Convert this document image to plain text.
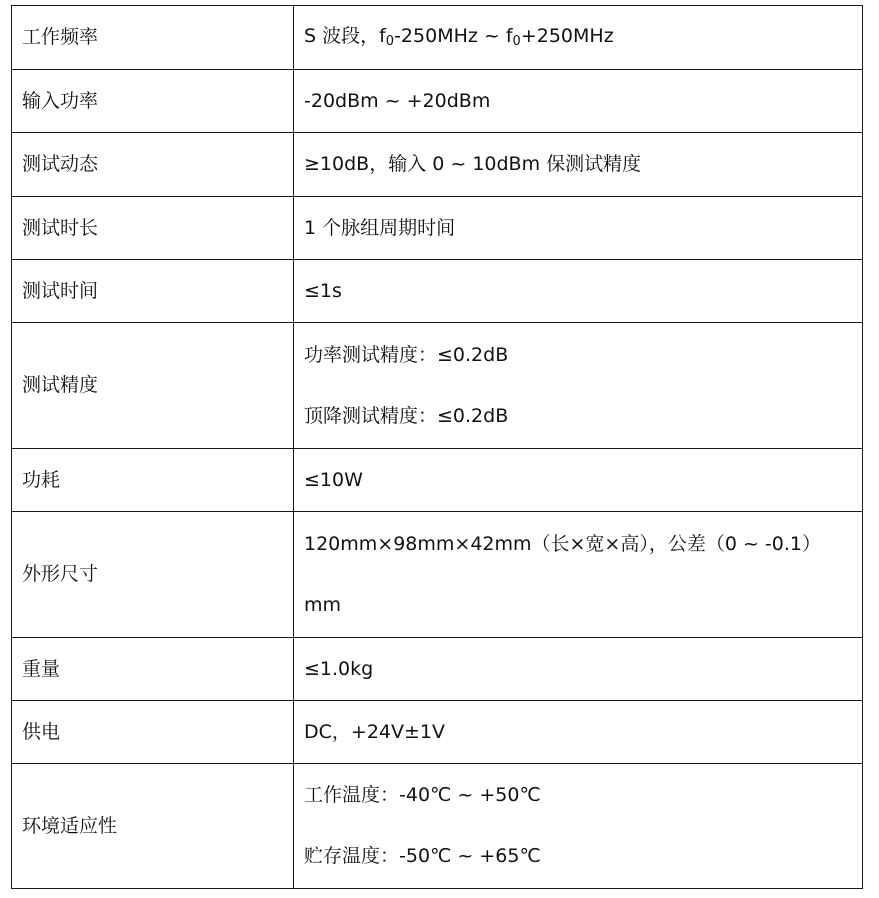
工作频率	S 波段，$f_0-250MHz$ ~ $f_0+250MHz$
输入功率	-20dBm ~ +20dBm
测试动态	≥10dB，输入 0 ~ 10dBm 保测试精度
测试时长	1 个脉组周期时间
测试时间	≤1s
测试精度	功率测试精度：≤0.2dB
顶降测试精度：≤0.2dB

功耗	≤10W
外形尺寸	120mm×98mm×42mm（长×宽×高），公差（0 ~ -0.1）
mm

重量	≤1.0kg
供电	DC，+24V±1V
环境适应性	工作温度：-40℃ ~ +50℃
贮存温度：-50℃ ~ +65℃
